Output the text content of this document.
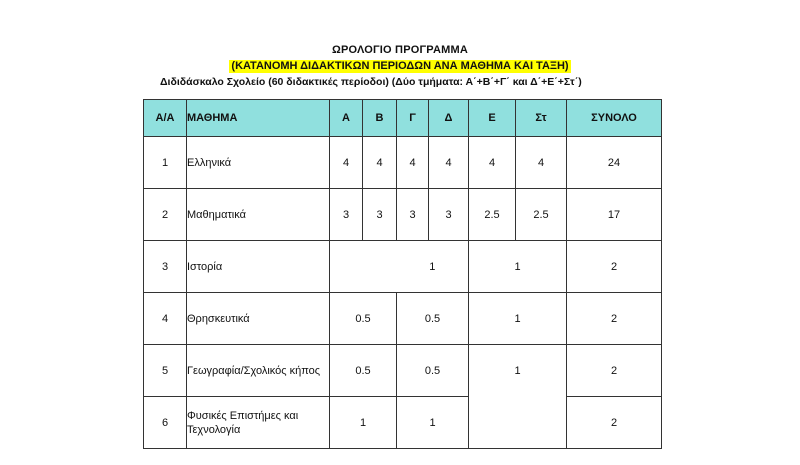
ΩΡΟΛΟΓΙΟ ΠΡΟΓΡΑΜΜΑ
(ΚΑΤΑΝΟΜΗ ΔΙΔΑΚΤΙΚΩΝ ΠΕΡΙΟΔΩΝ ΑΝΑ ΜΑΘΗΜΑ ΚΑΙ ΤΑΞΗ)
Διδιδάσκαλο Σχολείο (60 διδακτικές περίοδοι) (Δύο τμήματα: Α΄+Β΄+Γ΄ και Δ΄+Ε΄+Στ΄)
Α/Α	ΜΑΘΗΜΑ	Α	Β	Γ	Δ	Ε	Στ	ΣΥΝΟΛΟ
1	Ελληνικά	4	4	4	4	4	4	24
2	Μαθηματικά	3	3	3	3	2.5	2.5	17
3	Ιστορία			1		1		2
4	Θρησκευτικά	0.5		0.5		1		2
5	Γεωγραφία/Σχολικός κήπος	0.5		0.5		1		2
6	Φυσικές Επιστήμες και Τεχνολογία	1		1				2
